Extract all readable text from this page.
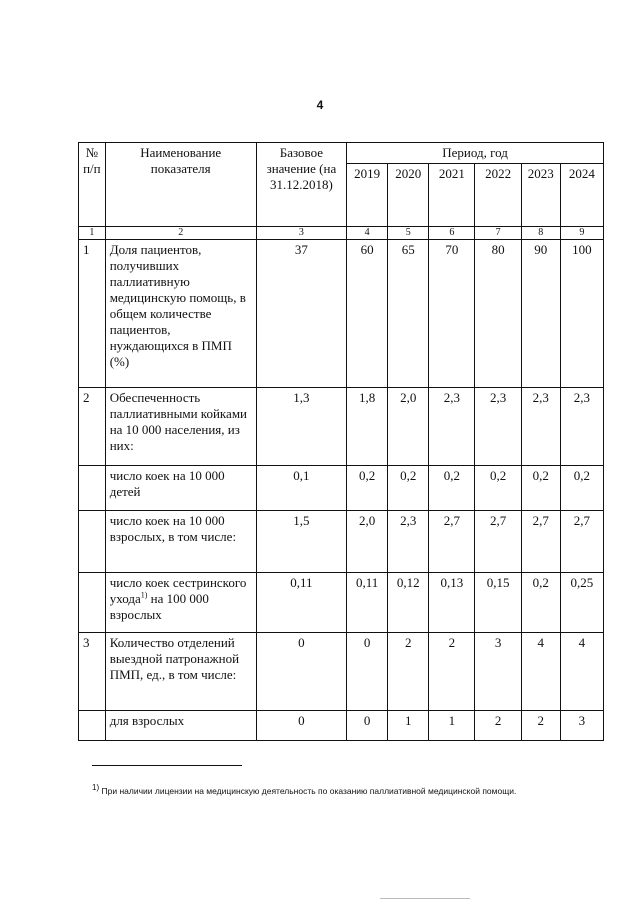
4
№ п/п	Наименование показателя	Базовое значение (на 31.12.2018)	Период, год					
			2019	2020	2021	2022	2023	2024
1	2	3	4	5	6	7	8	9
1	Доля пациентов, получивших паллиативную медицинскую помощь, в общем количестве пациентов, нуждающихся в ПМП (%)	37	60	65	70	80	90	100
2	Обеспеченность паллиативными койками на 10 000 населения, из них:	1,3	1,8	2,0	2,3	2,3	2,3	2,3
	число коек на 10 000 детей	0,1	0,2	0,2	0,2	0,2	0,2	0,2
	число коек на 10 000 взрослых, в том числе:	1,5	2,0	2,3	2,7	2,7	2,7	2,7
	число коек сестринского ухода$^{1)}$ на 100 000 взрослых	0,11	0,11	0,12	0,13	0,15	0,2	0,25
3	Количество отделений выездной патронажной ПМП, ед., в том числе:	0	0	2	2	3	4	4
	для взрослых	0	0	1	1	2	2	3
$^{1)}$ При наличии лицензии на медицинскую деятельность по оказанию паллиативной медицинской помощи.
